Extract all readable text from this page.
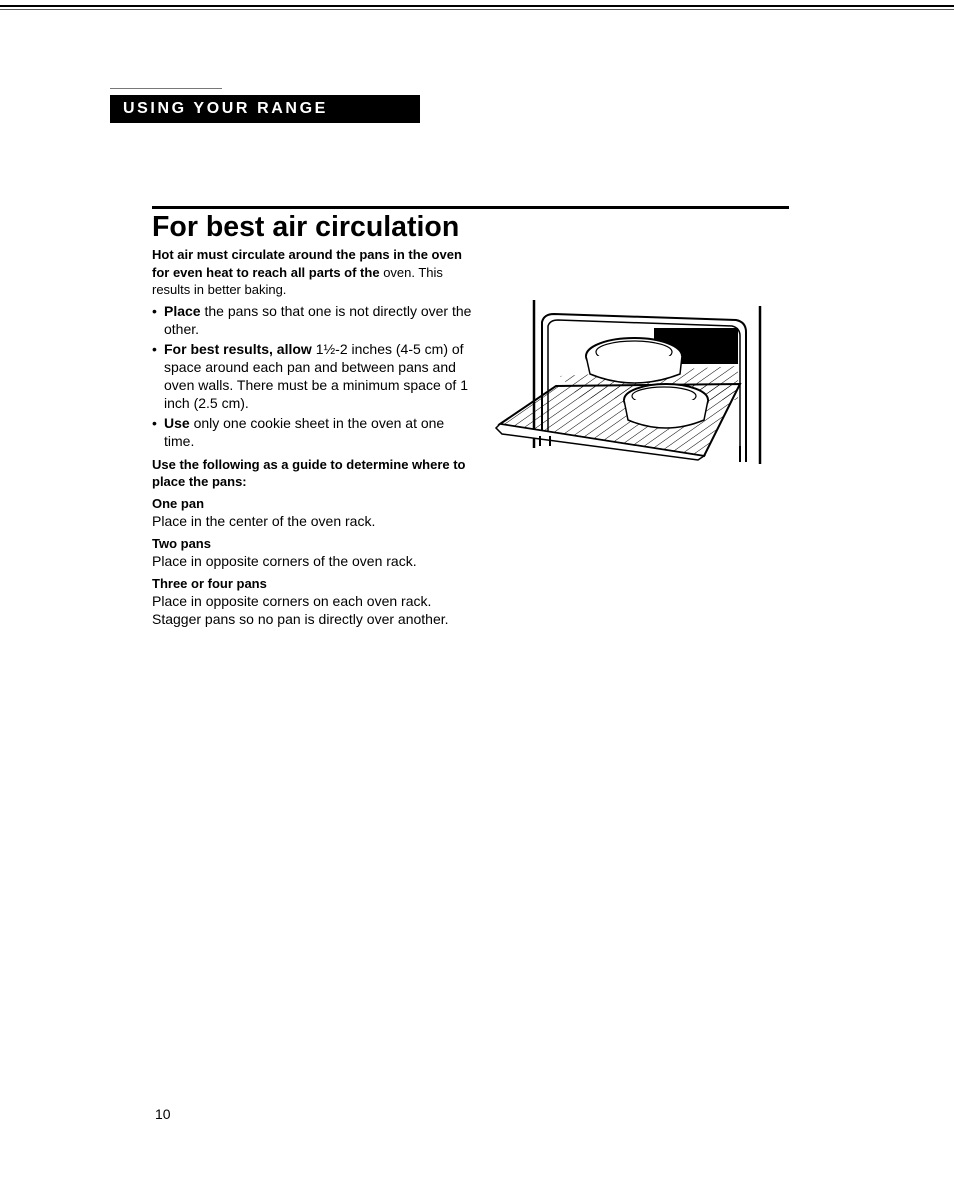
USING YOUR RANGE
For best air circulation

Hot air must circulate around the pans in the oven for even heat to reach all parts of the oven. This results in better baking.

• Place the pans so that one is not directly over the other.
• For best results, allow 1½-2 inches (4-5 cm) of space around each pan and between pans and oven walls. There must be a minimum space of 1 inch (2.5 cm).
• Use only one cookie sheet in the oven at one time.

Use the following as a guide to determine where to place the pans:

One pan

Place in the center of the oven rack.

Two pans

Place in opposite corners of the oven rack.

Three or four pans

Place in opposite corners on each oven rack. Stagger pans so no pan is directly over another.

10
